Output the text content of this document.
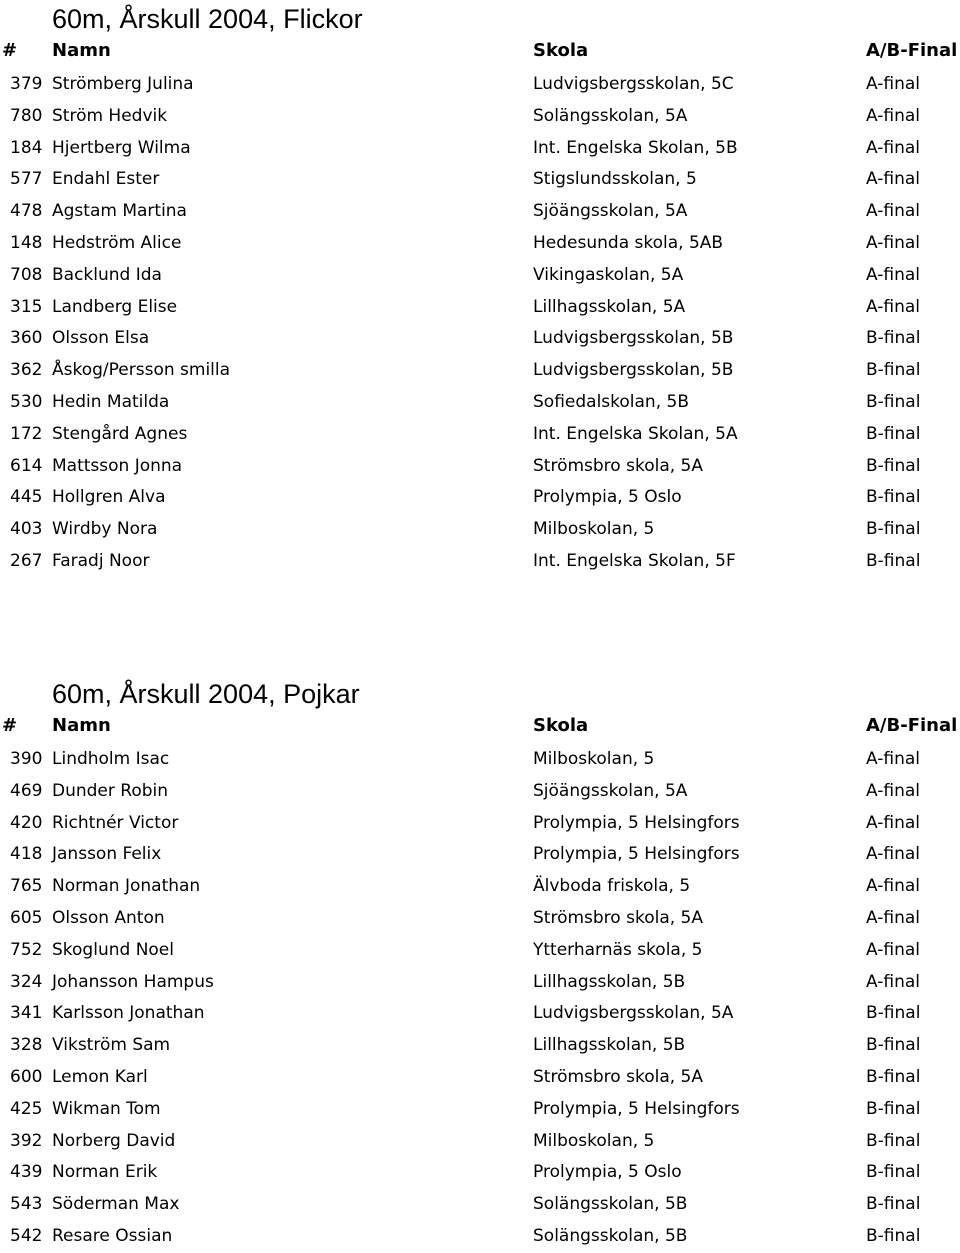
60m, Årskull 2004, Flickor
# Namn	Skola	A/B-Final
379 Strömberg Julina	Ludvigsbergsskolan, 5C	A-final
780 Ström Hedvik	Solängsskolan, 5A	A-final
184 Hjertberg Wilma	Int. Engelska Skolan, 5B	A-final
577 Endahl Ester	Stigslundsskolan, 5	A-final
478 Agstam Martina	Sjöängsskolan, 5A	A-final
148 Hedström Alice	Hedesunda skola, 5AB	A-final
708 Backlund Ida	Vikingaskolan, 5A	A-final
315 Landberg Elise	Lillhagsskolan, 5A	A-final
360 Olsson Elsa	Ludvigsbergsskolan, 5B	B-final
362 Åskog/Persson smilla	Ludvigsbergsskolan, 5B	B-final
530 Hedin Matilda	Sofiedalskolan, 5B	B-final
172 Stengård Agnes	Int. Engelska Skolan, 5A	B-final
614 Mattsson Jonna	Strömsbro skola, 5A	B-final
445 Hollgren Alva	Prolympia, 5 Oslo	B-final
403 Wirdby Nora	Milboskolan, 5	B-final
267 Faradj Noor	Int. Engelska Skolan, 5F	B-final
60m, Årskull 2004, Pojkar
# Namn	Skola	A/B-Final
390 Lindholm Isac	Milboskolan, 5	A-final
469 Dunder Robin	Sjöängsskolan, 5A	A-final
420 Richtnér Victor	Prolympia, 5 Helsingfors	A-final
418 Jansson Felix	Prolympia, 5 Helsingfors	A-final
765 Norman Jonathan	Älvboda friskola, 5	A-final
605 Olsson Anton	Strömsbro skola, 5A	A-final
752 Skoglund Noel	Ytterharnäs skola, 5	A-final
324 Johansson Hampus	Lillhagsskolan, 5B	A-final
341 Karlsson Jonathan	Ludvigsbergsskolan, 5A	B-final
328 Vikström Sam	Lillhagsskolan, 5B	B-final
600 Lemon Karl	Strömsbro skola, 5A	B-final
425 Wikman Tom	Prolympia, 5 Helsingfors	B-final
392 Norberg David	Milboskolan, 5	B-final
439 Norman Erik	Prolympia, 5 Oslo	B-final
543 Söderman Max	Solängsskolan, 5B	B-final
542 Resare Ossian	Solängsskolan, 5B	B-final
